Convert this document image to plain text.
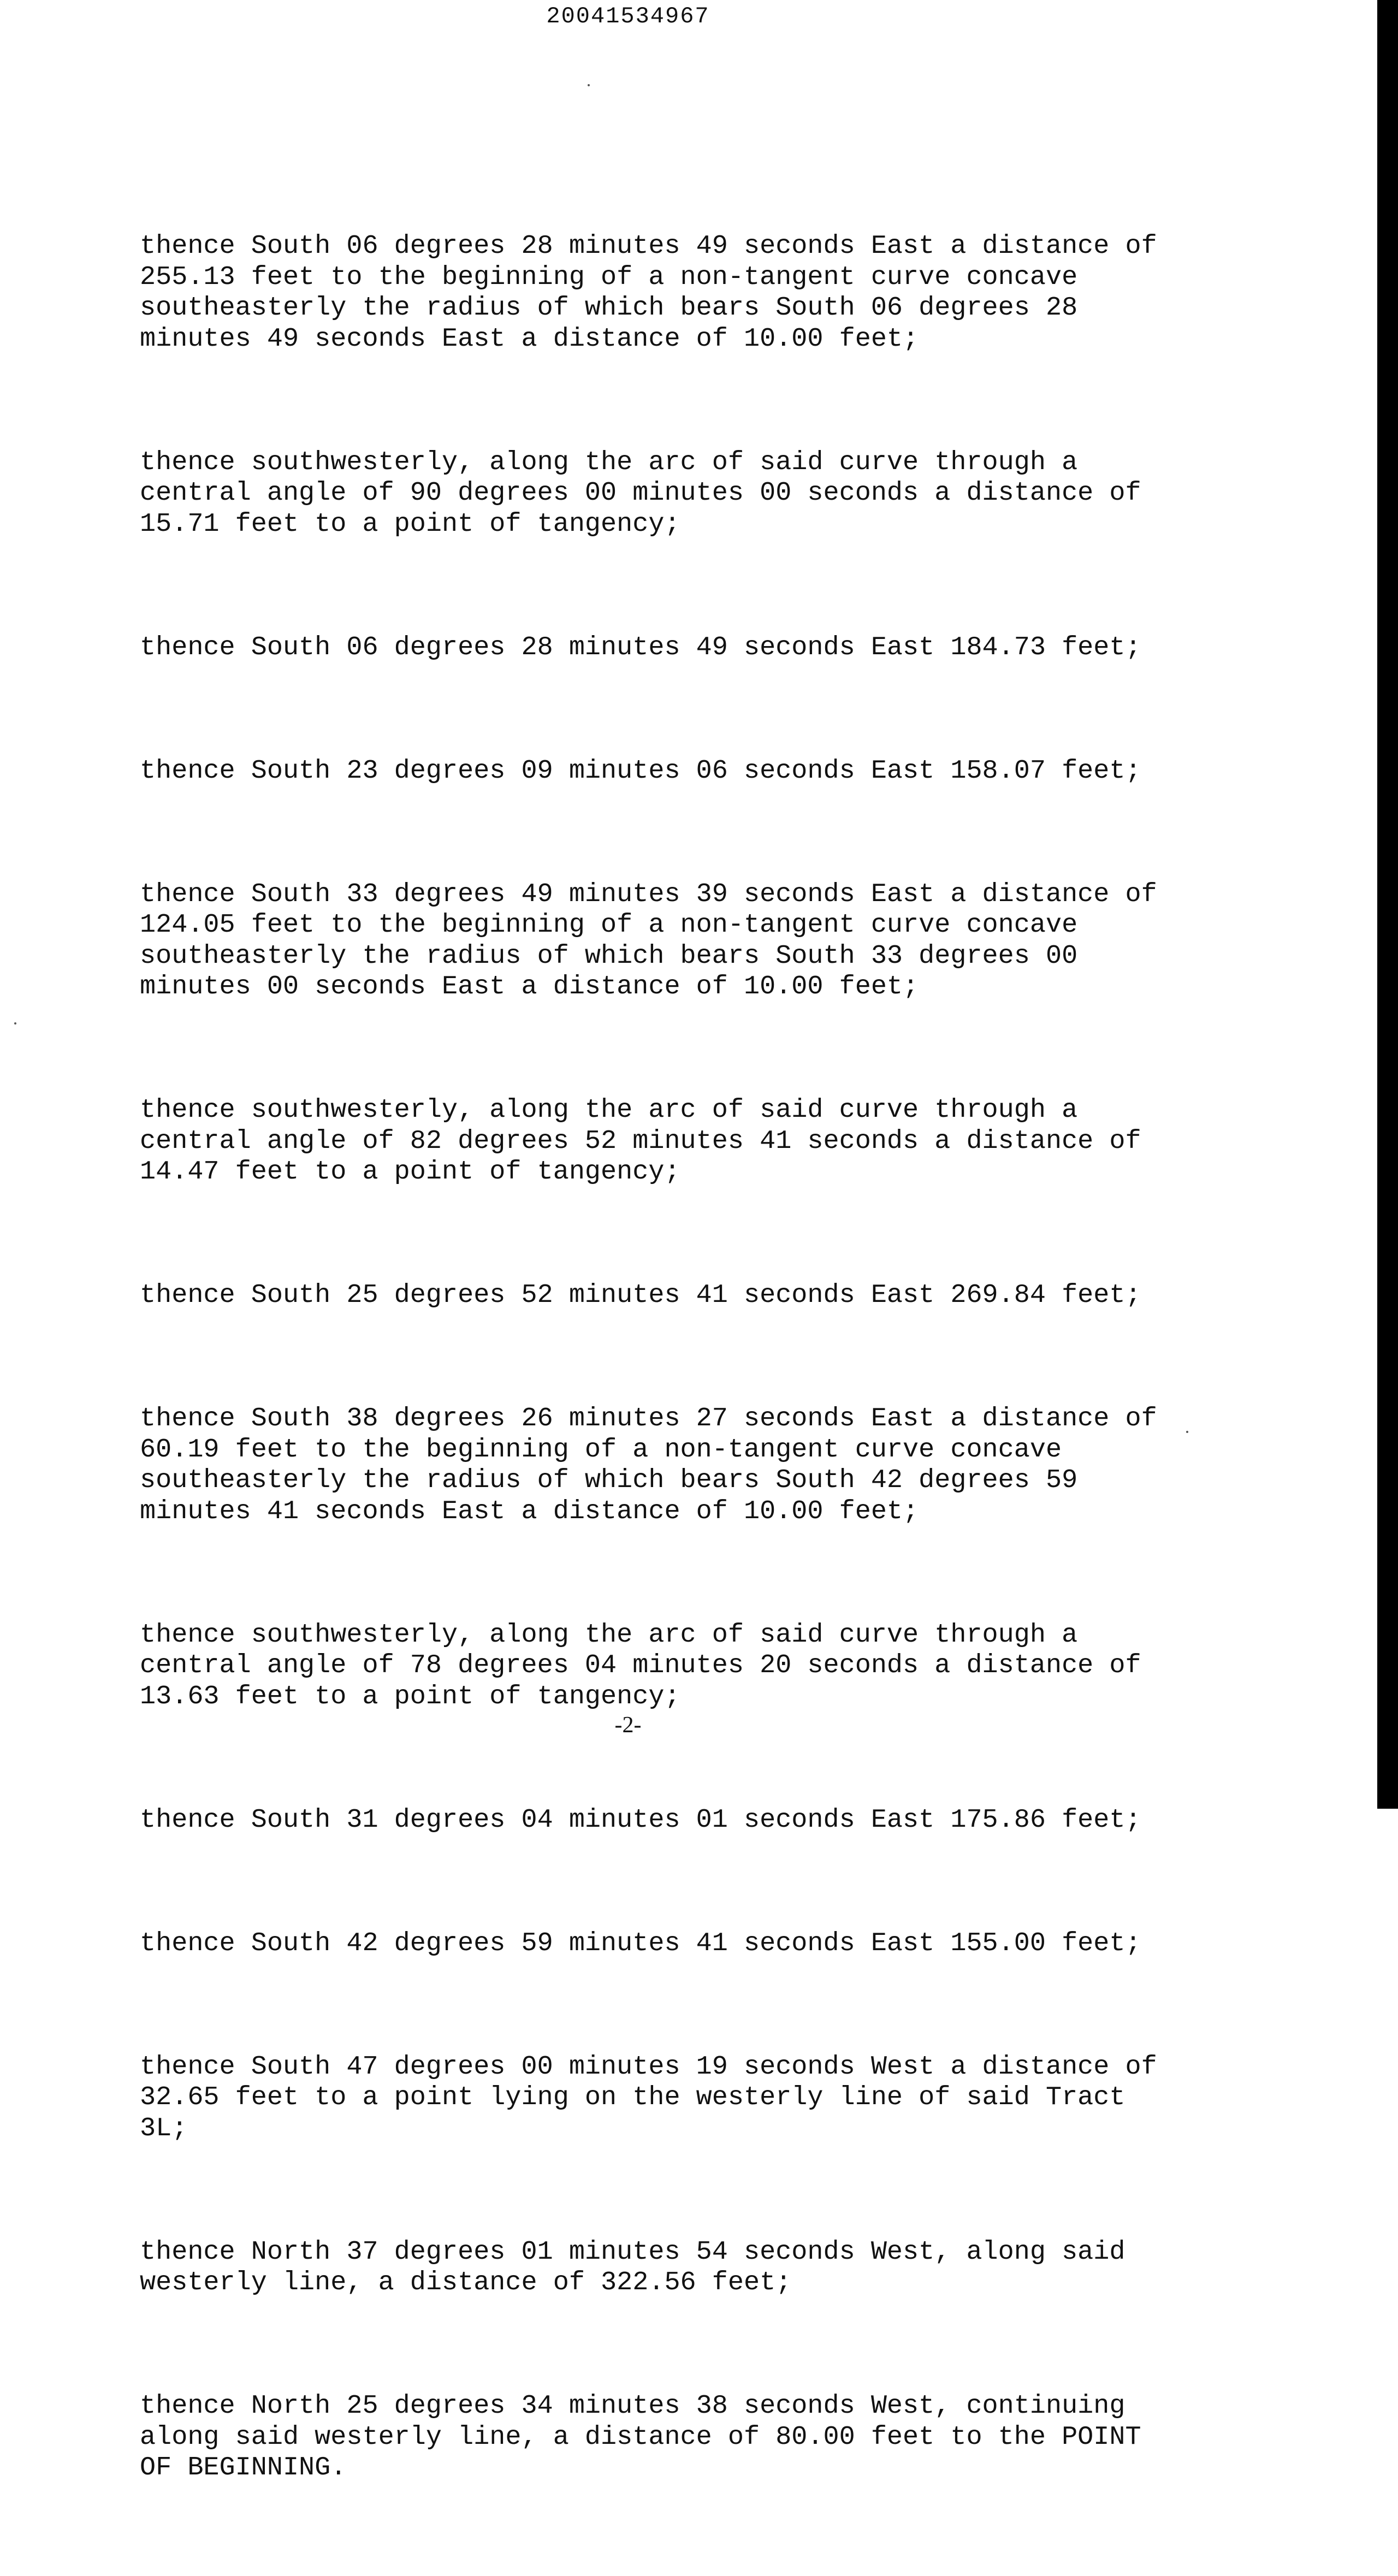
20041534967

thence South 06 degrees 28 minutes 49 seconds East a distance of
255.13 feet to the beginning of a non-tangent curve concave
southeasterly the radius of which bears South 06 degrees 28
minutes 49 seconds East a distance of 10.00 feet;

thence southwesterly, along the arc of said curve through a
central angle of 90 degrees 00 minutes 00 seconds a distance of
15.71 feet to a point of tangency;

thence South 06 degrees 28 minutes 49 seconds East 184.73 feet;

thence South 23 degrees 09 minutes 06 seconds East 158.07 feet;

thence South 33 degrees 49 minutes 39 seconds East a distance of
124.05 feet to the beginning of a non-tangent curve concave
southeasterly the radius of which bears South 33 degrees 00
minutes 00 seconds East a distance of 10.00 feet;

thence southwesterly, along the arc of said curve through a
central angle of 82 degrees 52 minutes 41 seconds a distance of
14.47 feet to a point of tangency;

thence South 25 degrees 52 minutes 41 seconds East 269.84 feet;

thence South 38 degrees 26 minutes 27 seconds East a distance of
60.19 feet to the beginning of a non-tangent curve concave
southeasterly the radius of which bears South 42 degrees 59
minutes 41 seconds East a distance of 10.00 feet;

thence southwesterly, along the arc of said curve through a
central angle of 78 degrees 04 minutes 20 seconds a distance of
13.63 feet to a point of tangency;

thence South 31 degrees 04 minutes 01 seconds East 175.86 feet;

thence South 42 degrees 59 minutes 41 seconds East 155.00 feet;

thence South 47 degrees 00 minutes 19 seconds West a distance of
32.65 feet to a point lying on the westerly line of said Tract
3L;

thence North 37 degrees 01 minutes 54 seconds West, along said
westerly line, a distance of 322.56 feet;

thence North 25 degrees 34 minutes 38 seconds West, continuing
along said westerly line, a distance of 80.00 feet to the POINT
OF BEGINNING.

-2-
